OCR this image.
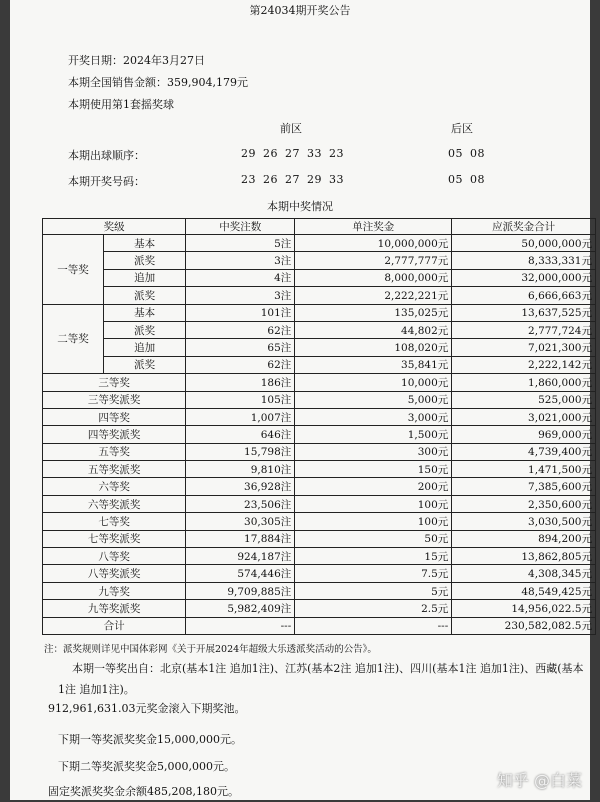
第24034期开奖公告
开奖日期：2024年3月27日
本期全国销售金额：359,904,179元
本期使用第1套摇奖球
前区	后区
本期出球顺序：	29 26 27 33 23	05 08
本期开奖号码：	23 26 27 29 33	05 08
本期中奖情况
奖级		中奖注数	单注奖金	应派奖金合计
一等奖	基本	5注	10,000,000元	50,000,000元
	派奖	3注	2,777,777元	8,333,331元
	追加	4注	8,000,000元	32,000,000元
	派奖	3注	2,222,221元	6,666,663元
二等奖	基本	101注	135,025元	13,637,525元
	派奖	62注	44,802元	2,777,724元
	追加	65注	108,020元	7,021,300元
	派奖	62注	35,841元	2,222,142元
三等奖		186注	10,000元	1,860,000元
三等奖派奖		105注	5,000元	525,000元
四等奖		1,007注	3,000元	3,021,000元
四等奖派奖		646注	1,500元	969,000元
五等奖		15,798注	300元	4,739,400元
五等奖派奖		9,810注	150元	1,471,500元
六等奖		36,928注	200元	7,385,600元
六等奖派奖		23,506注	100元	2,350,600元
七等奖		30,305注	100元	3,030,500元
七等奖派奖		17,884注	50元	894,200元
八等奖		924,187注	15元	13,862,805元
八等奖派奖		574,446注	7.5元	4,308,345元
九等奖		9,709,885注	5元	48,549,425元
九等奖派奖		5,982,409注	2.5元	14,956,022.5元
合计		---	---	230,582,082.5元
注：派奖规则详见中国体彩网《关于开展2024年超级大乐透派奖活动的公告》。
本期一等奖出自：北京(基本1注 追加1注)、江苏(基本2注 追加1注)、四川(基本1注 追加1注)、西藏(基本1注 追加1注)。
912,961,631.03元奖金滚入下期奖池。
下期一等奖派奖奖金15,000,000元。
下期二等奖派奖奖金5,000,000元。
固定奖派奖奖金余额485,208,180元。
知乎 @白菜
